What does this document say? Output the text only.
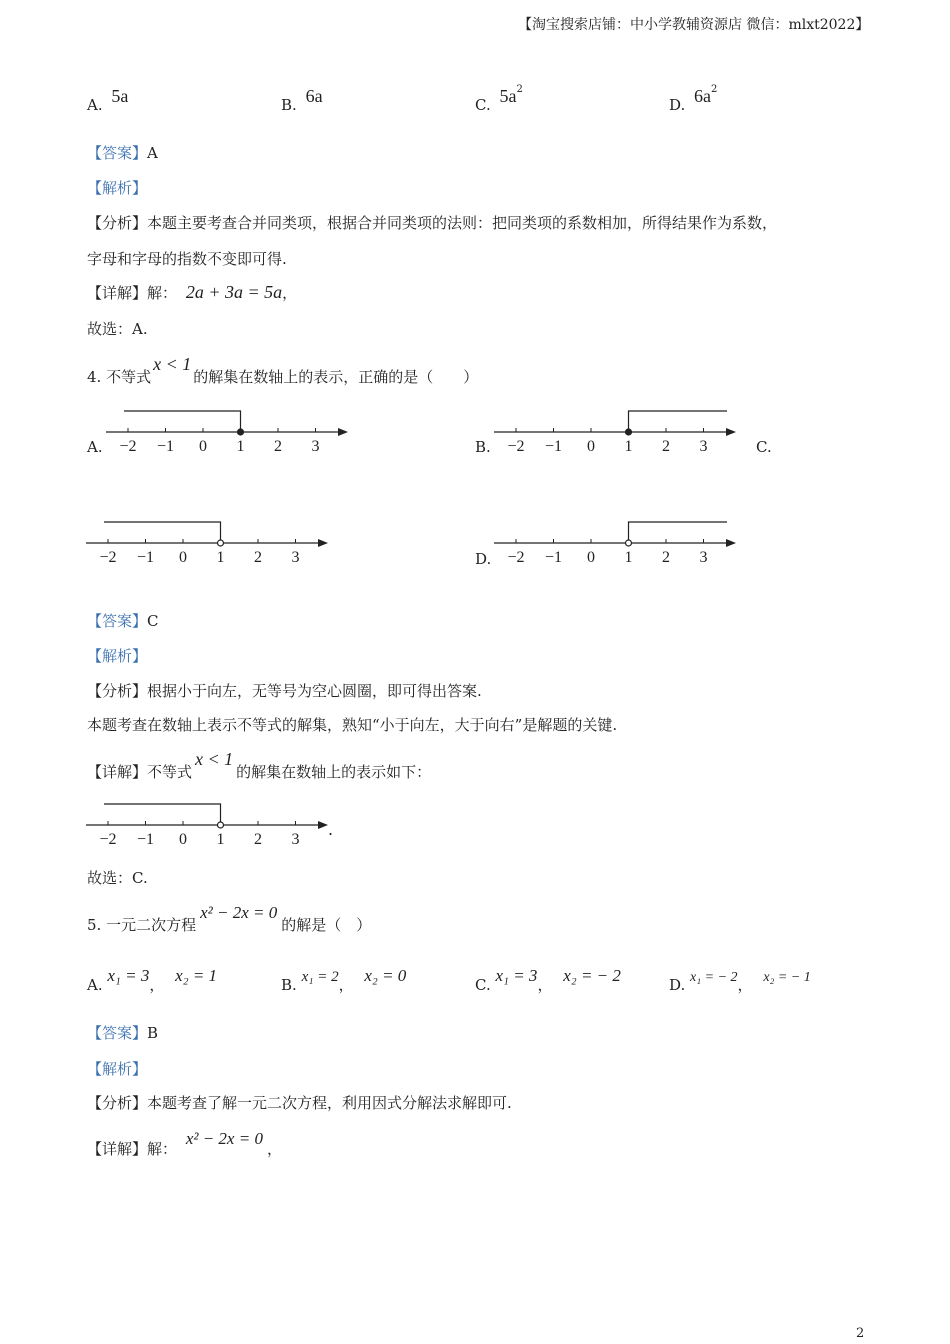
【淘宝搜索店铺：中小学教辅资源店 微信：mlxt2022】
A. 5a	B. 6a	C. $5a^2$
D. $6a^2$
【答案】A
【解析】
【分析】本题主要考查合并同类项，根据合并同类项的法则：把同类项的系数相加，所得结果作为系数，
字母和字母的指数不变即可得.
【详解】解： 2a + 3a = 5a，
故选：A.
4. 不等式x < 1的解集在数轴上的表示，正确的是（　　）
A. −2 −1 0 1 2 3	B. −2 −1 0 1 2 3	C.
−2 −1 0 1 2 3	D. −2 −1 0 1 2 3
【答案】C
【解析】
【分析】根据小于向左，无等号为空心圆圈，即可得出答案.
本题考查在数轴上表示不等式的解集，熟知“小于向左，大于向右”是解题的关键.
【详解】不等式x < 1的解集在数轴上的表示如下：
−2 −1 0 1 2 3
.
故选：C.
5. 一元二次方程x² − 2x = 0的解是（　）
A. x₁ = 3， x₂ = 1	B. x₁ = 2， x₂ = 0	C. x₁ = 3， x₂ = − 2	D. x₁ = − 2， x₂ = − 1
【答案】B
【解析】
【分析】本题考查了解一元二次方程，利用因式分解法求解即可.
【详解】解： x² − 2x = 0，
2
